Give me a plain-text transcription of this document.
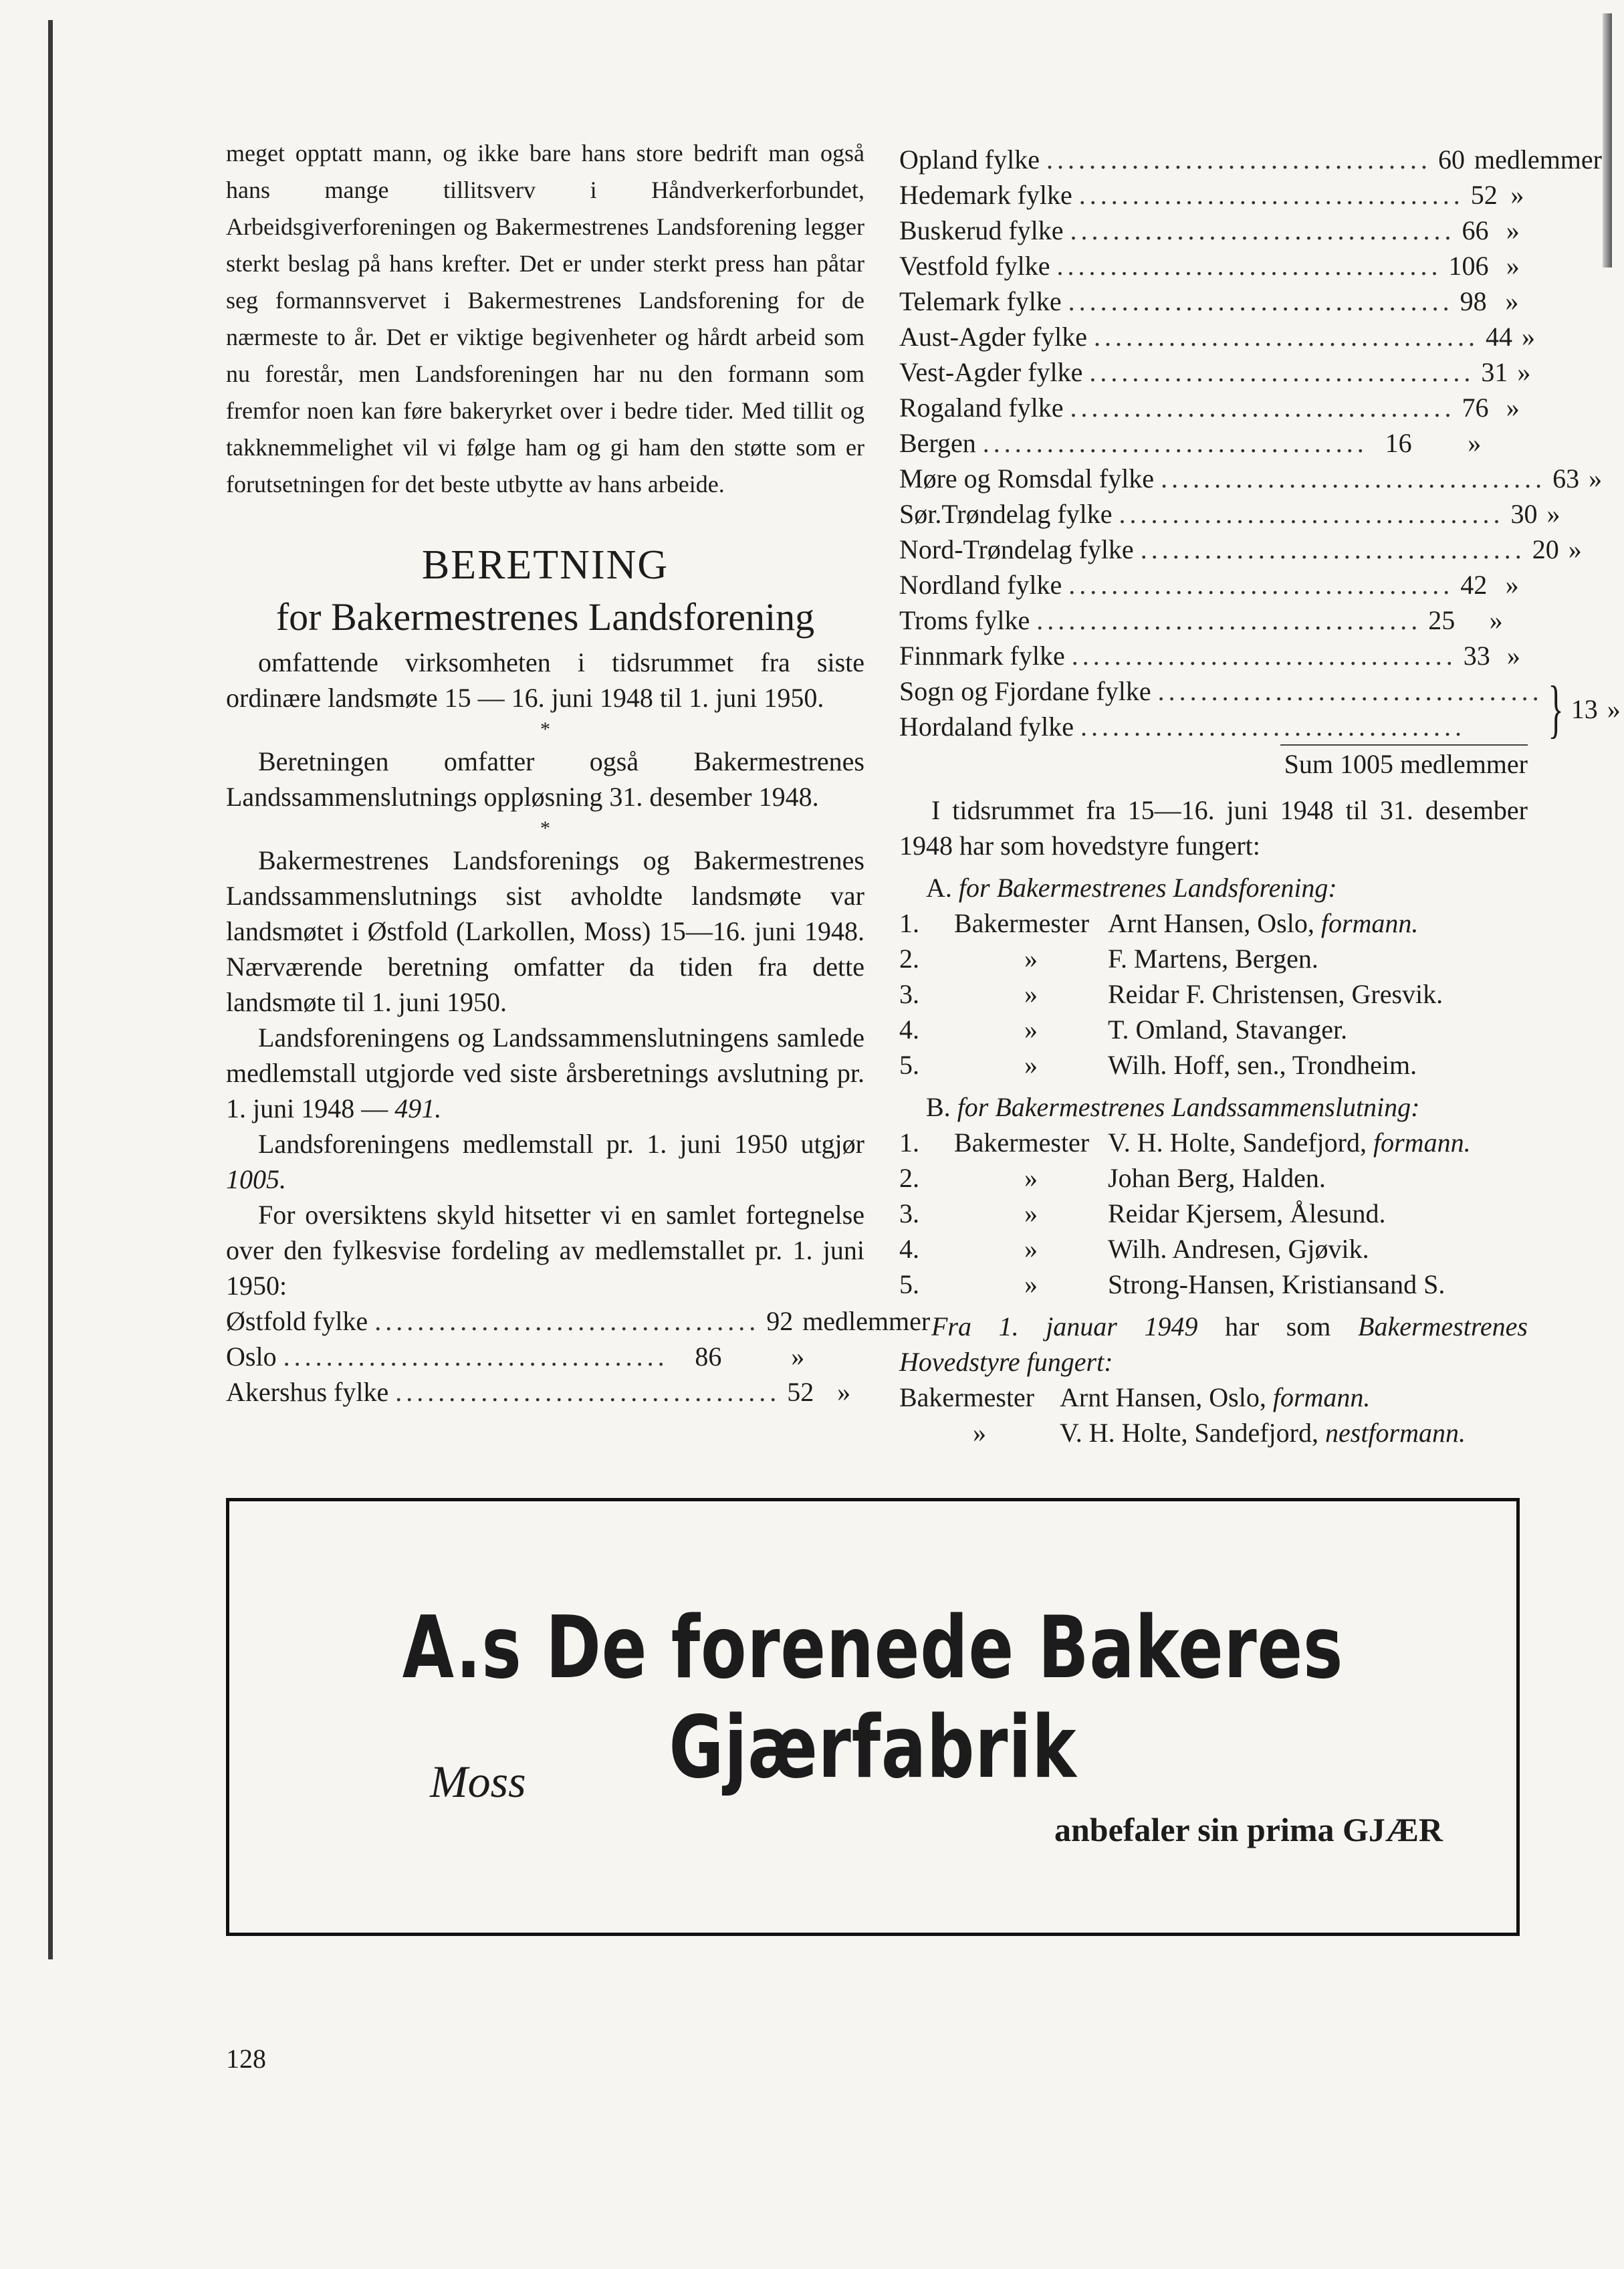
meget opptatt mann, og ikke bare hans store bedrift man også hans mange tillitsverv i Håndverkerforbundet, Arbeidsgiverforeningen og Bakermestrenes Landsforening legger sterkt beslag på hans krefter. Det er under sterkt press han påtar seg formannsvervet i Bakermestrenes Landsforening for de nærmeste to år. Det er viktige begivenheter og hårdt arbeid som nu forestår, men Landsforeningen har nu den formann som fremfor noen kan føre bakeryrket over i bedre tider. Med tillit og takknemmelighet vil vi følge ham og gi ham den støtte som er forutsetningen for det beste utbytte av hans arbeide.

BERETNING
for Bakermestrenes Landsforening

omfattende virksomheten i tidsrummet fra siste ordinære landsmøte 15 — 16. juni 1948 til 1. juni 1950.

*

Beretningen omfatter også Bakermestrenes Landssammenslutnings oppløsning 31. desember 1948.

*

Bakermestrenes Landsforenings og Bakermestrenes Landssammenslutnings sist avholdte landsmøte var landsmøtet i Østfold (Larkollen, Moss) 15—16. juni 1948. Nærværende beretning omfatter da tiden fra dette landsmøte til 1. juni 1950.

Landsforeningens og Landssammenslutningens samlede medlemstall utgjorde ved siste årsberetnings avslutning pr. 1. juni 1948 — 491.

Landsforeningens medlemstall pr. 1. juni 1950 utgjør 1005.

For oversiktens skyld hitsetter vi en samlet fortegnelse over den fylkesvise fordeling av medlemstallet pr. 1. juni 1950:

Østfold fylke .................................... 92 medlemmer
Oslo .................................... 86	»
Akershus fylke .................................... 52 »
Opland fylke .................................... 60 medlemmer
Hedemark fylke .................................... 52 »
Buskerud fylke .................................... 66 »
Vestfold fylke .................................... 106 »
Telemark fylke .................................... 98 »
Aust-Agder fylke .................................... 44 »
Vest-Agder fylke .................................... 31 »
Rogaland fylke .................................... 76 »
Bergen .................................... 16	»
Møre og Romsdal fylke .................................... 63 »
Sør.Trøndelag fylke .................................... 30 »
Nord-Trøndelag fylke .................................... 20 »
Nordland fylke .................................... 42 »
Troms fylke .................................... 25	»
Finnmark fylke .................................... 33 »
Sogn og Fjordane fylke ....................................
Hordaland fylke ....................................	} 13 »
Sum 1005 medlemmer

I tidsrummet fra 15—16. juni 1948 til 31. desember 1948 har som hovedstyre fungert:

A. for Bakermestrenes Landsforening:
1.	Bakermester Arnt Hansen, Oslo, formann.
2.	»	F. Martens, Bergen.
3.	»	Reidar F. Christensen, Gresvik.
4.	»	T. Omland, Stavanger.
5.	»	Wilh. Hoff, sen., Trondheim.
B. for Bakermestrenes Landssammenslutning:
1.	Bakermester V. H. Holte, Sandefjord, formann.
2.	»	Johan Berg, Halden.
3.	»	Reidar Kjersem, Ålesund.
4.	»	Wilh. Andresen, Gjøvik.
5.	»	Strong-Hansen, Kristiansand S.

Fra 1. januar 1949 har som Bakermestrenes Hovedstyre fungert:

Bakermester Arnt Hansen, Oslo, formann.
»	V. H. Holte, Sandefjord, nestformann.
A.s De forenede Bakeres Gjærfabrik
Moss
anbefaler sin prima GJÆR
128
